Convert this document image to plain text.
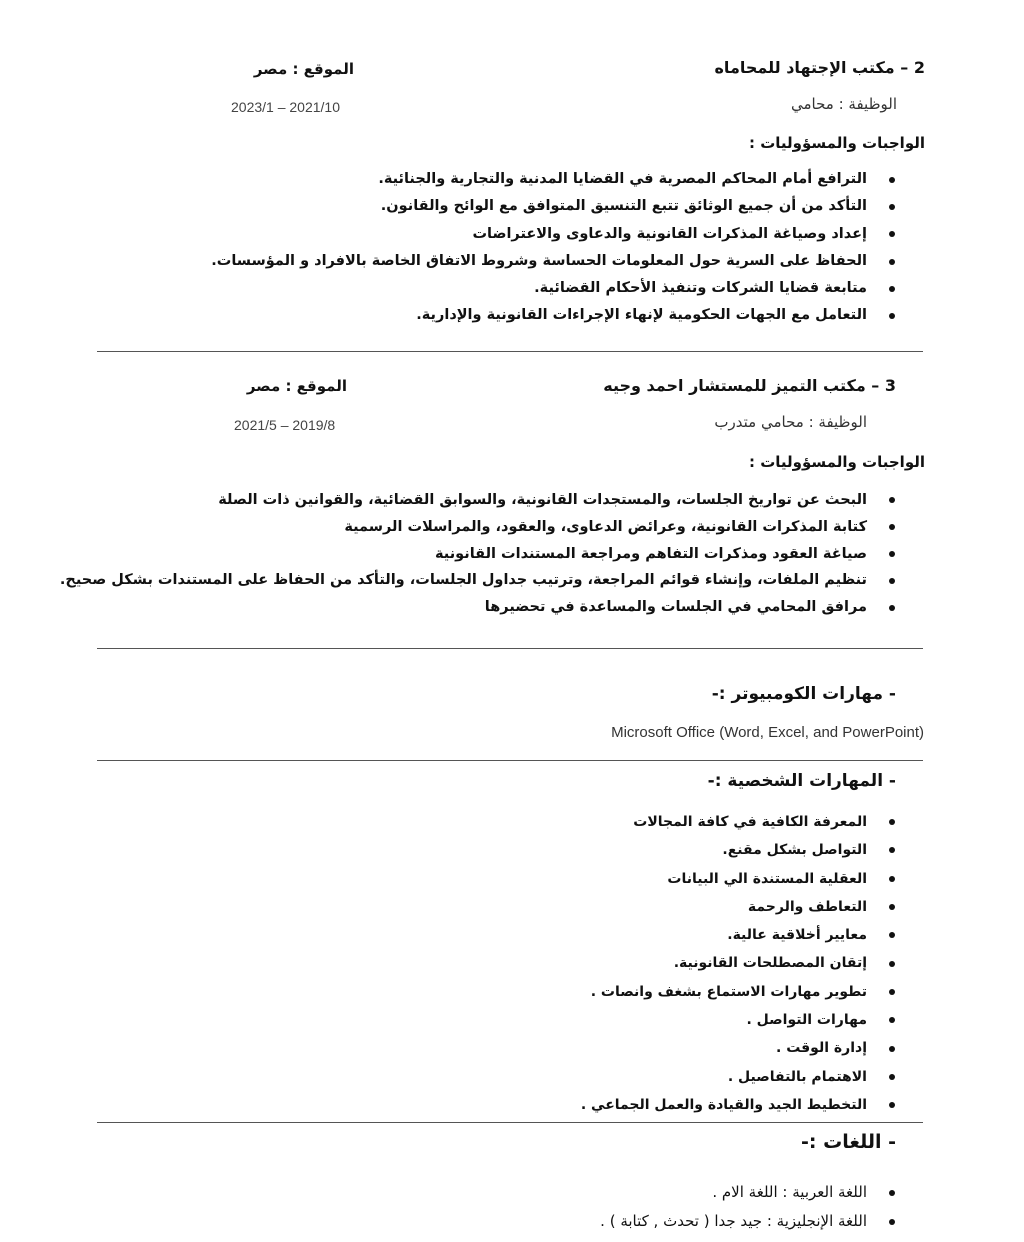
2 – مكتب الإجتهاد للمحاماه
الموقع : مصر
الوظيفة : محامي
2023/1 – 2021/10
الواجبات والمسؤوليات :
الترافع أمام المحاكم المصرية في القضايا المدنية والتجارية والجنائية.
التأكد من أن جميع الوثائق تتبع التنسيق المتوافق مع الوائح والقانون.
إعداد وصياغة المذكرات القانونية والدعاوى والاعتراضات
الحفاظ على السرية حول المعلومات الحساسة وشروط الاتفاق الخاصة بالافراد و المؤسسات.
متابعة قضايا الشركات وتنفيذ الأحكام القضائية.
التعامل مع الجهات الحكومية لإنهاء الإجراءات القانونية والإدارية.
3 – مكتب التميز للمستشار احمد وجيه
الموقع : مصر
الوظيفة : محامي متدرب
2021/5 – 2019/8
الواجبات والمسؤوليات :
البحث عن تواريخ الجلسات، والمستجدات القانونية، والسوابق القضائية، والقوانين ذات الصلة
كتابة المذكرات القانونية، وعرائض الدعاوى، والعقود، والمراسلات الرسمية
صياغة العقود ومذكرات التفاهم ومراجعة المستندات القانونية
تنظيم الملفات، وإنشاء قوائم المراجعة، وترتيب جداول الجلسات، والتأكد من الحفاظ على المستندات بشكل صحيح.
مرافق المحامي في الجلسات والمساعدة في تحضيرها
- مهارات الكومبيوتر :-
Microsoft Office (Word, Excel, and PowerPoint)
- المهارات الشخصية :-
المعرفة الكافية في كافة المجالات
التواصل بشكل مقنع.
العقلية المستندة الي البيانات
التعاطف والرحمة
معايير أخلاقية عالية.
إتقان المصطلحات القانونية.
تطوير مهارات الاستماع بشغف وانصات .
مهارات التواصل .
إدارة الوقت .
الاهتمام بالتفاصيل .
التخطيط الجيد والقيادة والعمل الجماعي .
- اللغات :-
اللغة العربية : اللغة الام .
اللغة الإنجليزية : جيد جدا ( تحدث , كتابة ) .
